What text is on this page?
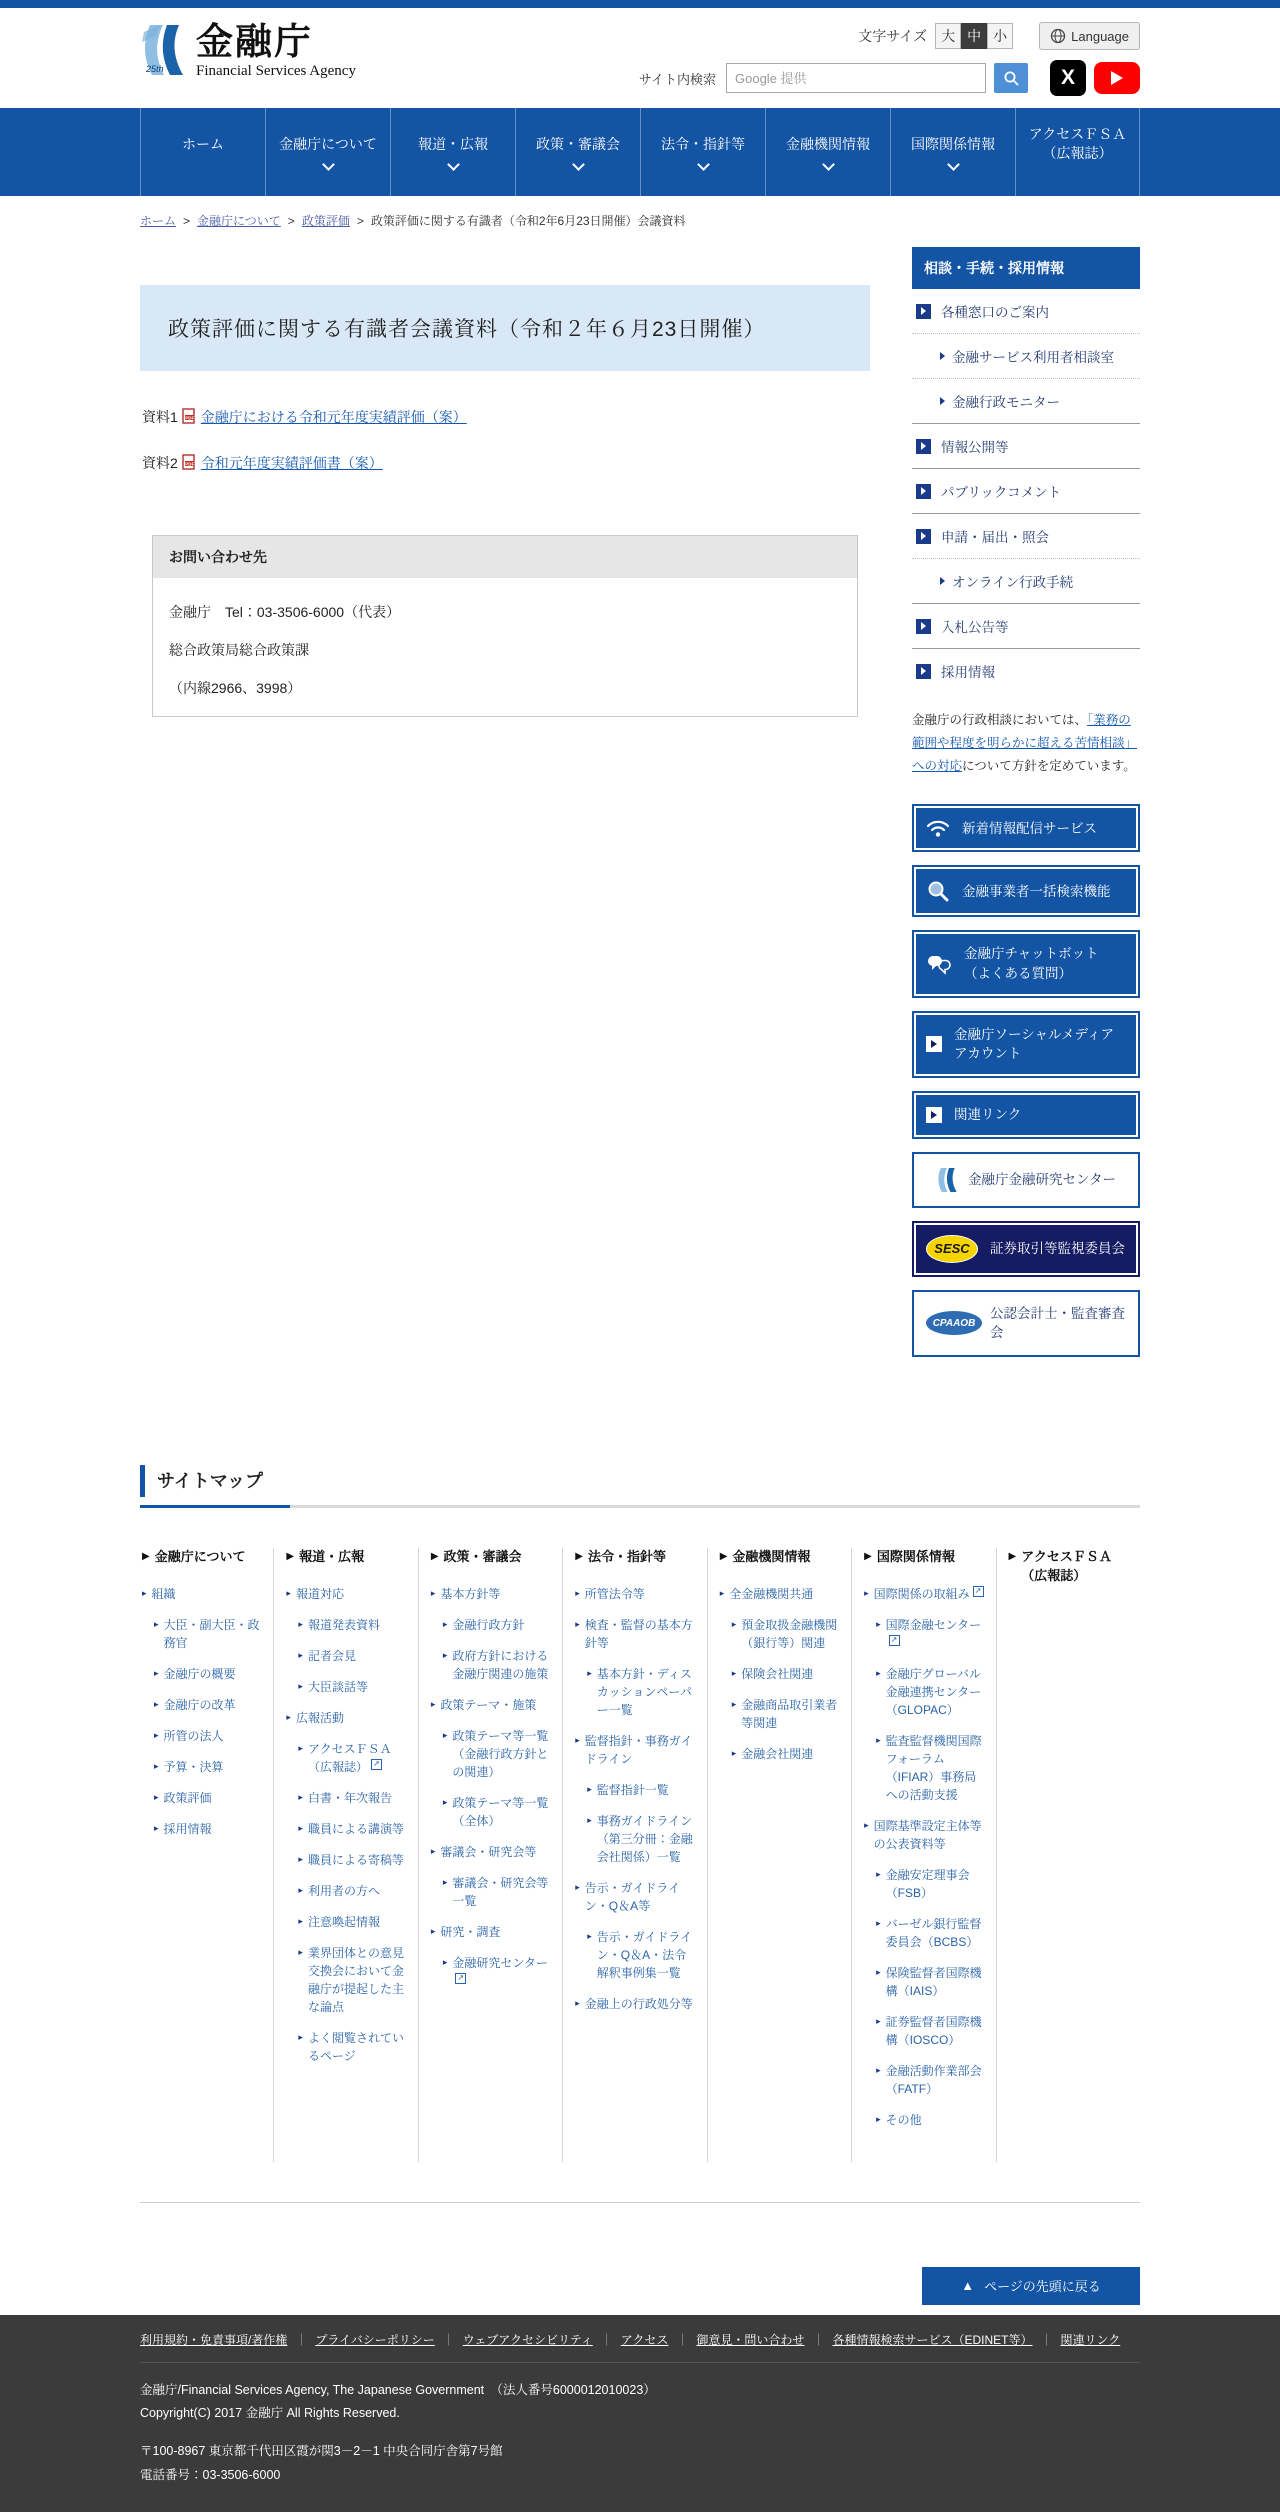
25th
金融庁
Financial Services Agency
文字サイズ	大 中 小	Language
サイト内検索
Google 提供	X
ホーム	金融庁について	報道・広報	政策・審議会	法令・指針等	金融機関情報	国際関係情報
アクセスＦＳＡ
（広報誌）
ホーム > 金融庁について > 政策評価 > 政策評価に関する有識者（令和2年6月23日開催）会議資料
政策評価に関する有識者会議資料（令和２年６月23日開催）
資料1 PDF 金融庁における令和元年度実績評価（案）
資料2 PDF 令和元年度実績評価書（案）
お問い合わせ先

金融庁　Tel：03-3506-6000（代表）

総合政策局総合政策課

（内線2966、3998）

相談・手続・採用情報
各種窓口のご案内
金融サービス利用者相談室
金融行政モニター
情報公開等
パブリックコメント
申請・届出・照会
オンライン行政手続
入札公告等
採用情報

金融庁の行政相談においては、「業務の範囲や程度を明らかに超える苦情相談」への対応について方針を定めています。

新着情報配信サービス
金融事業者一括検索機能
金融庁チャットボット
（よくある質問）
金融庁ソーシャルメディア
アカウント
関連リンク
金融庁金融研究センター
SESC	証券取引等監視委員会
CPAAOB
公認会計士・監査審査会
サイトマップ
▶ 金融庁について
▸ 組織
▸ 大臣・副大臣・政務官
▸ 金融庁の概要
▸ 金融庁の改革
▸ 所管の法人
▸ 予算・決算
▸ 政策評価
▸ 採用情報
▶ 報道・広報
▸ 報道対応
▸ 報道発表資料
▸ 記者会見
▸ 大臣談話等
▸ 広報活動
▸ アクセスＦＳＡ（広報誌）↗
▸ 白書・年次報告
▸ 職員による講演等
▸ 職員による寄稿等
▸ 利用者の方へ
▸ 注意喚起情報
▸ 業界団体との意見交換会において金融庁が提起した主な論点
▸ よく閲覧されているページ
▶ 政策・審議会
▸ 基本方針等
▸ 金融行政方針
▸ 政府方針における金融庁関連の施策
▸ 政策テーマ・施策
▸ 政策テーマ等一覧（金融行政方針との関連）
▸ 政策テーマ等一覧（全体）
▸ 審議会・研究会等
▸ 審議会・研究会等一覧
▸ 研究・調査
▸ 金融研究センター↗
▶ 法令・指針等
▸ 所管法令等
▸ 検査・監督の基本方針等
▸ 基本方針・ディスカッションペーパー一覧
▸ 監督指針・事務ガイドライン
▸ 監督指針一覧
▸ 事務ガイドライン（第三分冊：金融会社関係）一覧
▸ 告示・ガイドライン・Q＆A等
▸ 告示・ガイドライン・Q＆A・法令解釈事例集一覧
▸ 金融上の行政処分等
▶ 金融機関情報
▸ 全金融機関共通
▸ 預金取扱金融機関（銀行等）関連
▸ 保険会社関連
▸ 金融商品取引業者等関連
▸ 金融会社関連
▶ 国際関係情報
▸ 国際関係の取組み↗
▸ 国際金融センター↗
▸ 金融庁グローバル金融連携センター（GLOPAC）
▸ 監査監督機関国際フォーラム（IFIAR）事務局への活動支援
▸ 国際基準設定主体等の公表資料等
▸ 金融安定理事会（FSB）
▸ バーゼル銀行監督委員会（BCBS）
▸ 保険監督者国際機構（IAIS）
▸ 証券監督者国際機構（IOSCO）
▸ 金融活動作業部会（FATF）
▸ その他
▶ アクセスＦＳＡ
（広報誌）
▲ ページの先頭に戻る
利用規約・免責事項/著作権 ｜ プライバシーポリシー ｜ ウェブアクセシビリティ ｜ アクセス ｜ 御意見・問い合わせ ｜ 各種情報検索サービス（EDINET等） ｜ 関連リンク

金融庁/Financial Services Agency, The Japanese Government　（法人番号6000012010023）

Copyright(C) 2017 金融庁 All Rights Reserved.

〒100-8967 東京都千代田区霞が関3－2－1 中央合同庁舎第7号館

電話番号：03-3506-6000
